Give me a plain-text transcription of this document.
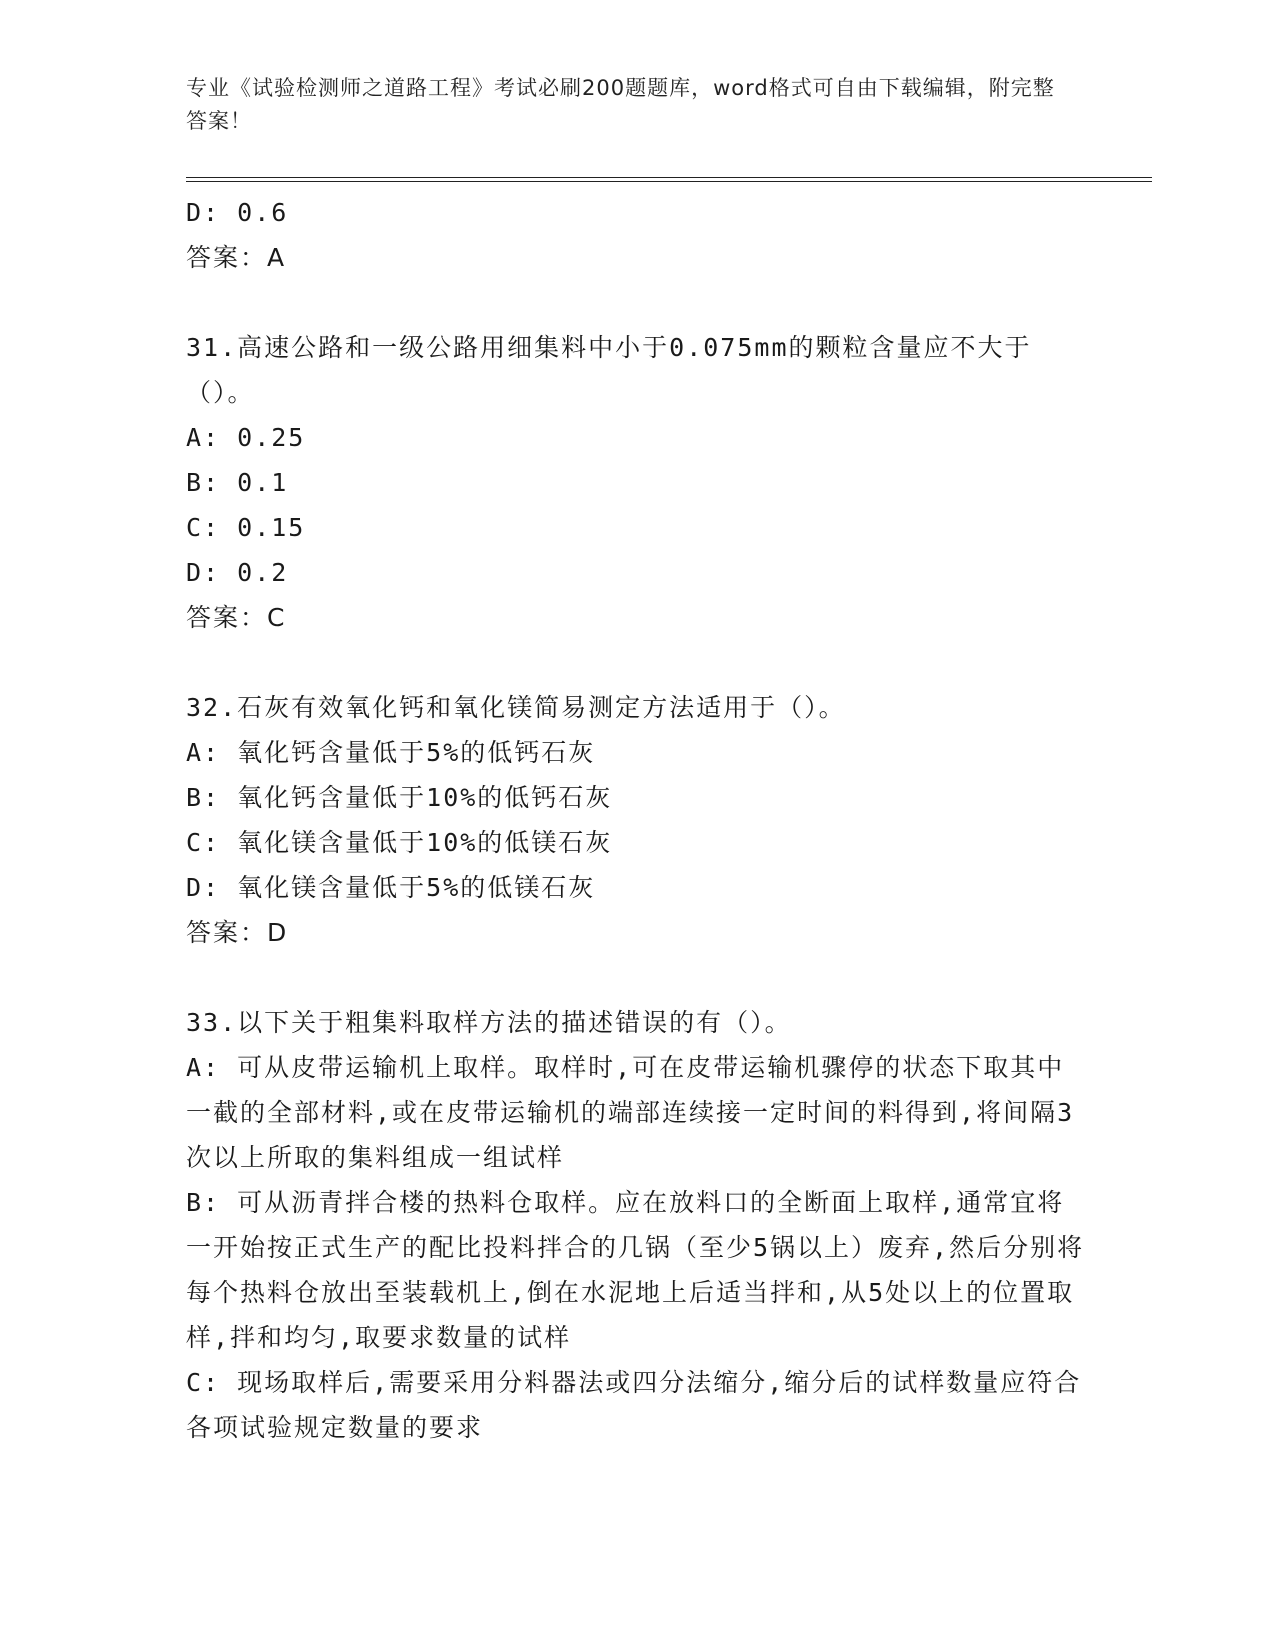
专业《试验检测师之道路工程》考试必刷200题题库，word格式可自由下载编辑，附完整答案！
D: 0.6
答案：A
31.高速公路和一级公路用细集料中小于0.075mm的颗粒含量应不大于（）。
A: 0.25
B: 0.1
C: 0.15
D: 0.2
答案：C
32.石灰有效氧化钙和氧化镁简易测定方法适用于（）。
A: 氧化钙含量低于5%的低钙石灰
B: 氧化钙含量低于10%的低钙石灰
C: 氧化镁含量低于10%的低镁石灰
D: 氧化镁含量低于5%的低镁石灰
答案：D
33.以下关于粗集料取样方法的描述错误的有（）。
A: 可从皮带运输机上取样。取样时,可在皮带运输机骤停的状态下取其中一截的全部材料,或在皮带运输机的端部连续接一定时间的料得到,将间隔3次以上所取的集料组成一组试样
B: 可从沥青拌合楼的热料仓取样。应在放料口的全断面上取样,通常宜将一开始按正式生产的配比投料拌合的几锅（至少5锅以上）废弃,然后分别将每个热料仓放出至装载机上,倒在水泥地上后适当拌和,从5处以上的位置取样,拌和均匀,取要求数量的试样
C: 现场取样后,需要采用分料器法或四分法缩分,缩分后的试样数量应符合各项试验规定数量的要求
